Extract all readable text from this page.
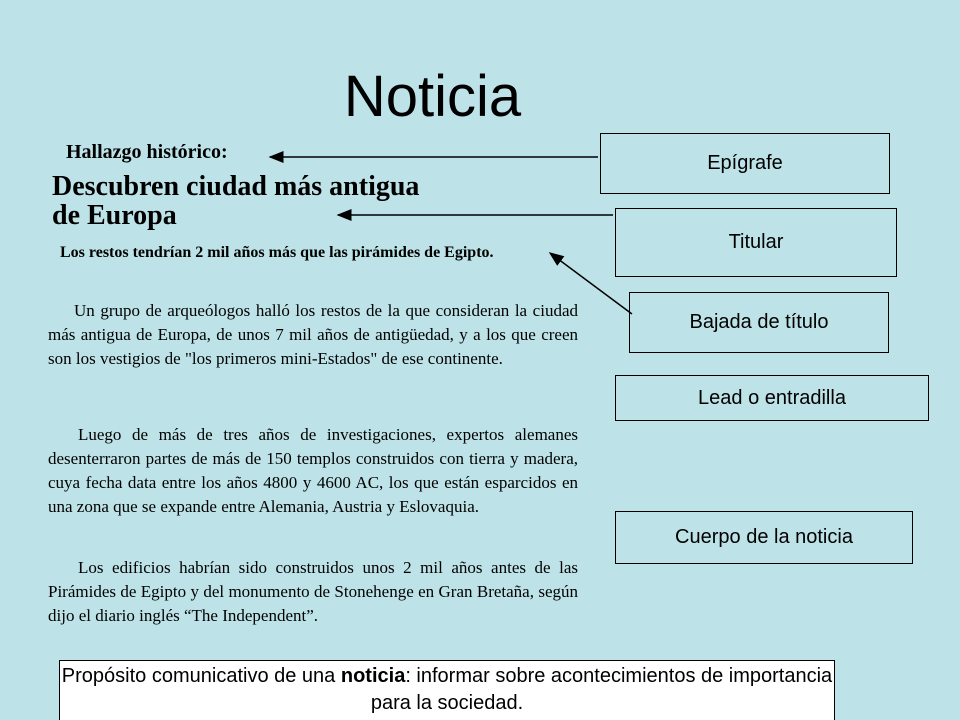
Noticia
Hallazgo histórico:
Descubren ciudad más antigua de Europa
Los restos tendrían 2 mil años más que las pirámides de Egipto.
Un grupo de arqueólogos halló los restos de la que consideran la ciudad más antigua de Europa, de unos 7 mil años de antigüedad, y a los que creen son los vestigios de "los primeros mini-Estados" de ese continente.
Luego de más de tres años de investigaciones, expertos alemanes desenterraron partes de más de 150 templos construidos con tierra y madera, cuya fecha data entre los años 4800 y 4600 AC, los que están esparcidos en una zona que se expande entre Alemania, Austria y Eslovaquia.
Los edificios habrían sido construidos unos 2 mil años antes de las Pirámides de Egipto y del monumento de Stonehenge en Gran Bretaña, según dijo el diario inglés “The Independent”.
Epígrafe
Titular
Bajada de título
Lead o entradilla
Cuerpo de la noticia
Propósito comunicativo de una noticia: informar sobre acontecimientos de importancia para la sociedad.
